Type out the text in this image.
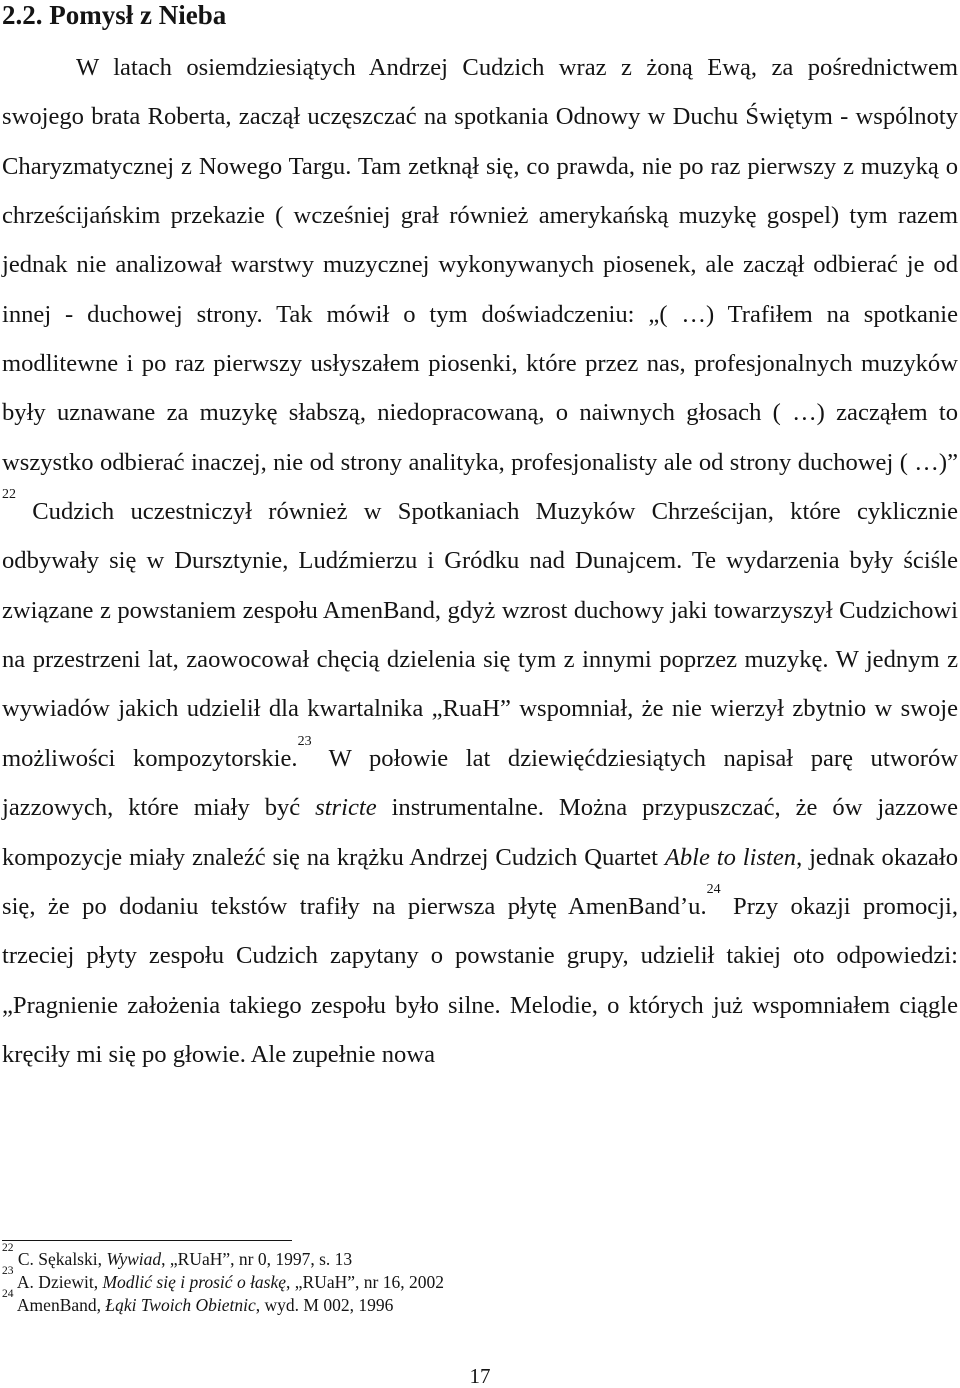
2.2. Pomysł z Nieba

W latach osiemdziesiątych Andrzej Cudzich wraz z żoną Ewą, za pośrednictwem swojego brata Roberta, zaczął uczęszczać na spotkania Odnowy w Duchu Świętym - wspólnoty Charyzmatycznej z Nowego Targu. Tam zetknął się, co prawda, nie po raz pierwszy z muzyką o chrześcijańskim przekazie ( wcześniej grał również amerykańską muzykę gospel) tym razem jednak nie analizował warstwy muzycznej wykonywanych piosenek, ale zaczął odbierać je od innej - duchowej strony. Tak mówił o tym doświadczeniu: „( …) Trafiłem na spotkanie modlitewne i po raz pierwszy usłyszałem piosenki, które przez nas, profesjonalnych muzyków były uznawane za muzykę słabszą, niedopracowaną, o naiwnych głosach ( …) zacząłem to wszystko odbierać inaczej, nie od strony analityka, profesjonalisty ale od strony duchowej ( …)” $^{22}$ Cudzich uczestniczył również w Spotkaniach Muzyków Chrześcijan, które cyklicznie odbywały się w Dursztynie, Ludźmierzu i Gródku nad Dunajcem. Te wydarzenia były ściśle związane z powstaniem zespołu AmenBand, gdyż wzrost duchowy jaki towarzyszył Cudzichowi na przestrzeni lat, zaowocował chęcią dzielenia się tym z innymi poprzez muzykę. W jednym z wywiadów jakich udzielił dla kwartalnika „RuaH” wspomniał, że nie wierzył zbytnio w swoje możliwości kompozytorskie.$^{23}$ W połowie lat dziewięćdziesiątych napisał parę utworów jazzowych, które miały być stricte instrumentalne. Można przypuszczać, że ów jazzowe kompozycje miały znaleźć się na krążku Andrzej Cudzich Quartet Able to listen, jednak okazało się, że po dodaniu tekstów trafiły na pierwsza płytę AmenBand’u.$^{24}$ Przy okazji promocji, trzeciej płyty zespołu Cudzich zapytany o powstanie grupy, udzielił takiej oto odpowiedzi: „Pragnienie założenia takiego zespołu było silne. Melodie, o których już wspomniałem ciągle kręciły mi się po głowie. Ale zupełnie nowa

$^{22}$ C. Sękalski, Wywiad, „RUaH”, nr 0, 1997, s. 13
$^{23}$ A. Dziewit, Modlić się i prosić o łaskę, „RUaH”, nr 16, 2002
$^{24}$ AmenBand, Łąki Twoich Obietnic, wyd. M 002, 1996
17
